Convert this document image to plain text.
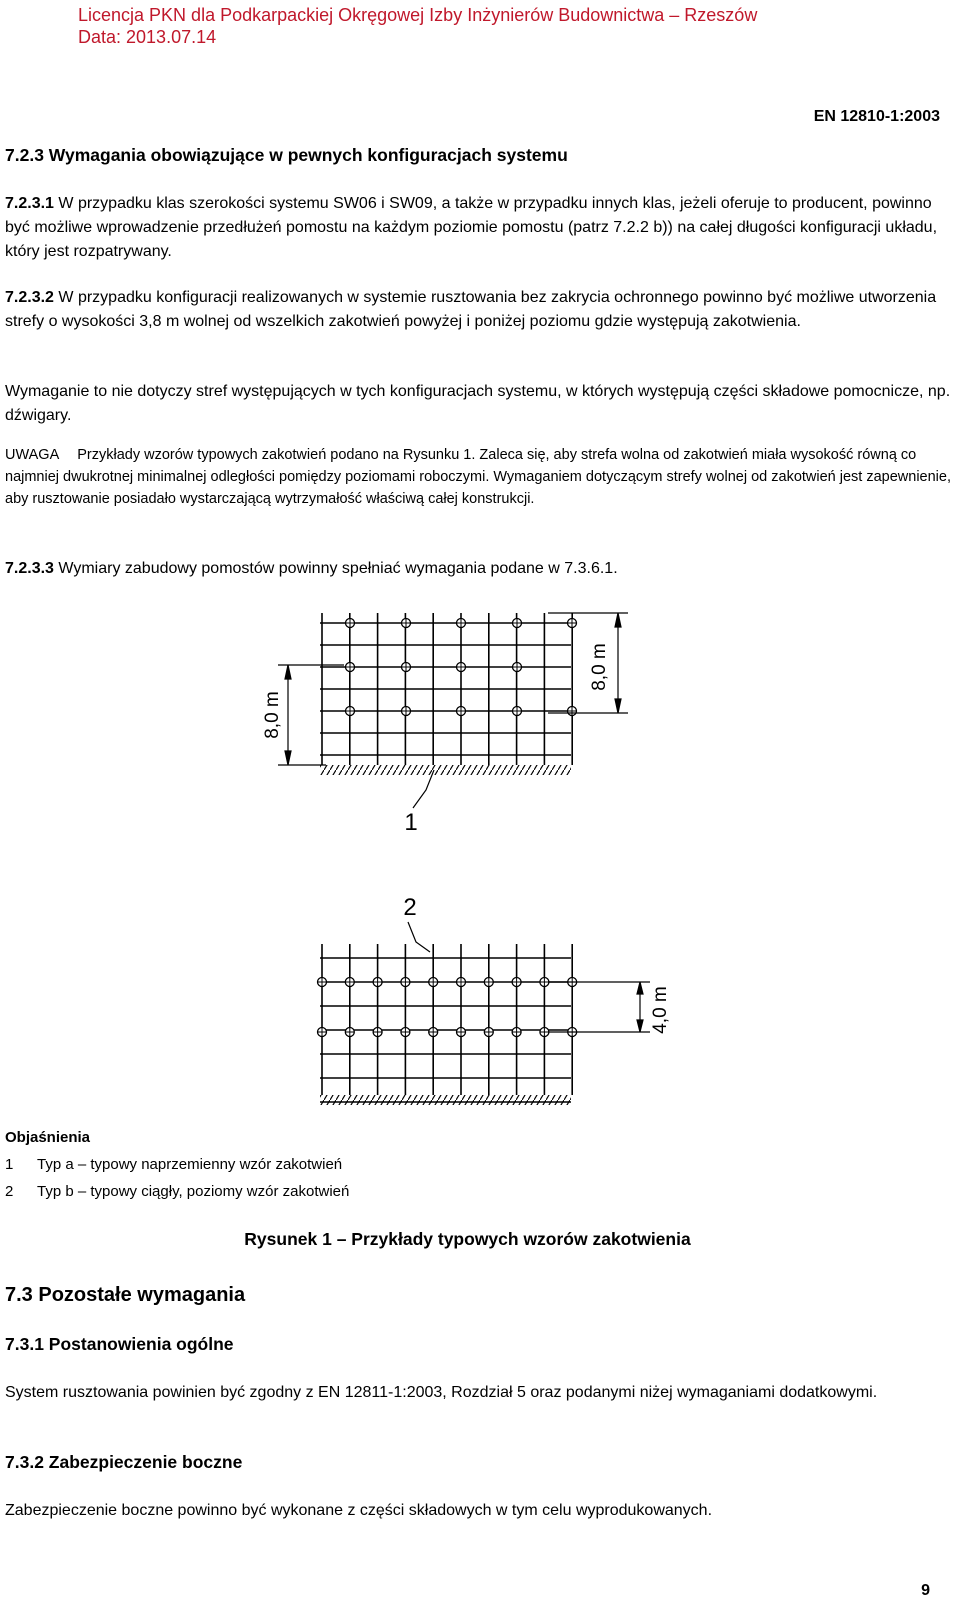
Licencja PKN dla Podkarpackiej Okręgowej Izby Inżynierów Budownictwa – Rzeszów
Data: 2013.07.14
EN 12810-1:2003
7.2.3 Wymagania obowiązujące w pewnych konfiguracjach systemu
7.2.3.1 W przypadku klas szerokości systemu SW06 i SW09, a także w przypadku innych klas, jeżeli oferuje to producent, powinno być możliwe wprowadzenie przedłużeń pomostu na każdym poziomie pomostu (patrz 7.2.2 b)) na całej długości konfiguracji układu, który jest rozpatrywany.
7.2.3.2 W przypadku konfiguracji realizowanych w systemie rusztowania bez zakrycia ochronnego powinno być możliwe utworzenia strefy o wysokości 3,8 m wolnej od wszelkich zakotwień powyżej i poniżej poziomu gdzie występują zakotwienia.
Wymaganie to nie dotyczy stref występujących w tych konfiguracjach systemu, w których występują części składowe pomocnicze, np. dźwigary.
UWAGA Przykłady wzorów typowych zakotwień podano na Rysunku 1. Zaleca się, aby strefa wolna od zakotwień miała wysokość równą co najmniej dwukrotnej minimalnej odległości pomiędzy poziomami roboczymi. Wymaganiem dotyczącym strefy wolnej od zakotwień jest zapewnienie, aby rusztowanie posiadało wystarczającą wytrzymałość właściwą całej konstrukcji.
7.2.3.3 Wymiary zabudowy pomostów powinny spełniać wymagania podane w 7.3.6.1.
8,0 m
8,0 m
1
2
4,0 m
Objaśnienia
1 Typ a – typowy naprzemienny wzór zakotwień
2 Typ b – typowy ciągły, poziomy wzór zakotwień
Rysunek 1 – Przykłady typowych wzorów zakotwienia
7.3 Pozostałe wymagania
7.3.1 Postanowienia ogólne
System rusztowania powinien być zgodny z EN 12811-1:2003, Rozdział 5 oraz podanymi niżej wymaganiami dodatkowymi.
7.3.2 Zabezpieczenie boczne
Zabezpieczenie boczne powinno być wykonane z części składowych w tym celu wyprodukowanych.
9
